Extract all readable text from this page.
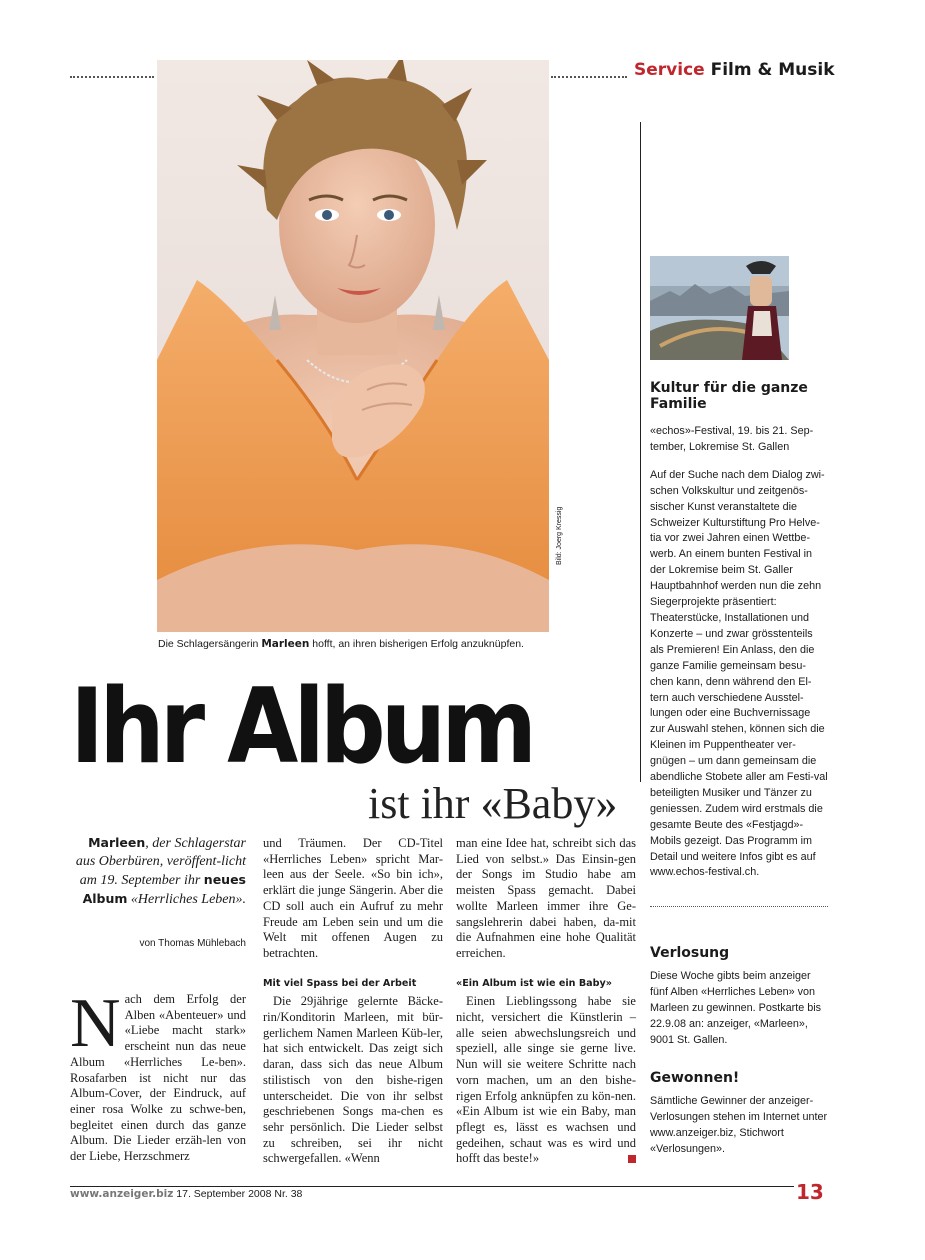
Service Film & Musik
Bild: Joerg Kressig
Die Schlagersängerin Marleen hofft, an ihren bisherigen Erfolg anzuknüpfen.
Ihr Album
ist ihr «Baby»
Marleen, der Schlagerstar aus Oberbüren, veröffent-licht am 19. September ihr neues Album «Herrliches Leben».
von Thomas Mühlebach
N ach dem Erfolg der Alben «Abenteuer» und «Liebe macht stark» erscheint nun das neue Album «Herrliches Le-ben». Rosafarben ist nicht nur das Album-Cover, der Eindruck, auf einer rosa Wolke zu schwe-ben, begleitet einen durch das ganze Album. Die Lieder erzäh-len von der Liebe, Herzschmerz

und Träumen. Der CD-Titel «Herrliches Leben» spricht Mar-leen aus der Seele. «So bin ich», erklärt die junge Sängerin. Aber die CD soll auch ein Aufruf zu mehr Freude am Leben sein und um die Welt mit offenen Augen zu betrachten.

Mit viel Spass bei der Arbeit

Die 29jährige gelernte Bäcke-rin/Konditorin Marleen, mit bür-gerlichem Namen Marleen Küb-ler, hat sich entwickelt. Das zeigt sich daran, dass sich das neue Album stilistisch von den bishe-rigen unterscheidet. Die von ihr selbst geschriebenen Songs ma-chen es sehr persönlich. Die Lieder selbst zu schreiben, sei ihr nicht schwergefallen. «Wenn

man eine Idee hat, schreibt sich das Lied von selbst.» Das Einsin-gen der Songs im Studio habe am meisten Spass gemacht. Dabei wollte Marleen immer ihre Ge-sangslehrerin dabei haben, da-mit die Aufnahmen eine hohe Qualität erreichen.

«Ein Album ist wie ein Baby»

Einen Lieblingssong habe sie nicht, versichert die Künstlerin – alle seien abwechslungsreich und speziell, alle singe sie gerne live. Nun will sie weitere Schritte nach vorn machen, um an den bishe-rigen Erfolg anknüpfen zu kön-nen. «Ein Album ist wie ein Baby, man pflegt es, lässt es wachsen und gedeihen, schaut was es wird und hofft das beste!»

Kultur für die ganze Familie
«echos»-Festival, 19. bis 21. Sep-tember, Lokremise St. Gallen
Auf der Suche nach dem Dialog zwi-schen Volkskultur und zeitgenös-sischer Kunst veranstaltete die Schweizer Kulturstiftung Pro Helve-tia vor zwei Jahren einen Wettbe-werb. An einem bunten Festival in der Lokremise beim St. Galler Hauptbahnhof werden nun die zehn Siegerprojekte präsentiert: Theaterstücke, Installationen und Konzerte – und zwar grösstenteils als Premieren! Ein Anlass, den die ganze Familie gemeinsam besu-chen kann, denn während den El-tern auch verschiedene Ausstel-lungen oder eine Buchvernissage zur Auswahl stehen, können sich die Kleinen im Puppentheater ver-gnügen – um dann gemeinsam die abendliche Stobete aller am Festi-val beteiligten Musiker und Tänzer zu geniessen. Zudem wird erstmals die gesamte Beute des «Festjagd»-Mobils gezeigt. Das Programm im Detail und weitere Infos gibt es auf www.echos-festival.ch.
Verlosung
Diese Woche gibts beim anzeiger fünf Alben «Herrliches Leben» von Marleen zu gewinnen. Postkarte bis 22.9.08 an: anzeiger, «Marleen», 9001 St. Gallen.
Gewonnen!
Sämtliche Gewinner der anzeiger-Verlosungen stehen im Internet unter www.anzeiger.biz, Stichwort «Verlosungen».
www.anzeiger.biz 17. September 2008 Nr. 38	13
